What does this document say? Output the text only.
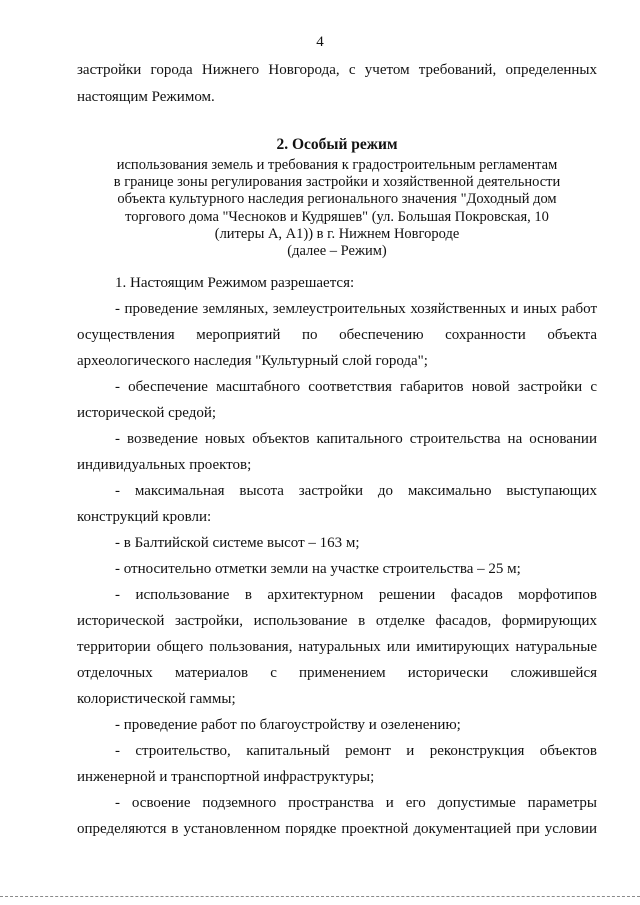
4

застройки города Нижнего Новгорода, с учетом требований, определенных настоящим Режимом.

2. Особый режим

использования земель и требования к градостроительным регламентам

в границе зоны регулирования застройки и хозяйственной деятельности

объекта культурного наследия регионального значения "Доходный дом

торгового дома "Чесноков и Кудряшев" (ул. Большая Покровская, 10

(литеры А, А1)) в г. Нижнем Новгороде

(далее – Режим)

1. Настоящим Режимом разрешается:

- проведение земляных, землеустроительных хозяйственных и иных работ осуществления мероприятий по обеспечению сохранности объекта археологического наследия "Культурный слой города";

- обеспечение масштабного соответствия габаритов новой застройки с исторической средой;

- возведение новых объектов капитального строительства на основании индивидуальных проектов;

- максимальная высота застройки до максимально выступающих конструкций кровли:

- в Балтийской системе высот – 163 м;

- относительно отметки земли на участке строительства – 25 м;

- использование в архитектурном решении фасадов морфотипов исторической застройки, использование в отделке фасадов, формирующих территории общего пользования, натуральных или имитирующих натуральные отделочных материалов с применением исторически сложившейся колористической гаммы;

- проведение работ по благоустройству и озеленению;

- строительство, капитальный ремонт и реконструкция объектов инженерной и транспортной инфраструктуры;

- освоение подземного пространства и его допустимые параметры определяются в установленном порядке проектной документацией при условии
